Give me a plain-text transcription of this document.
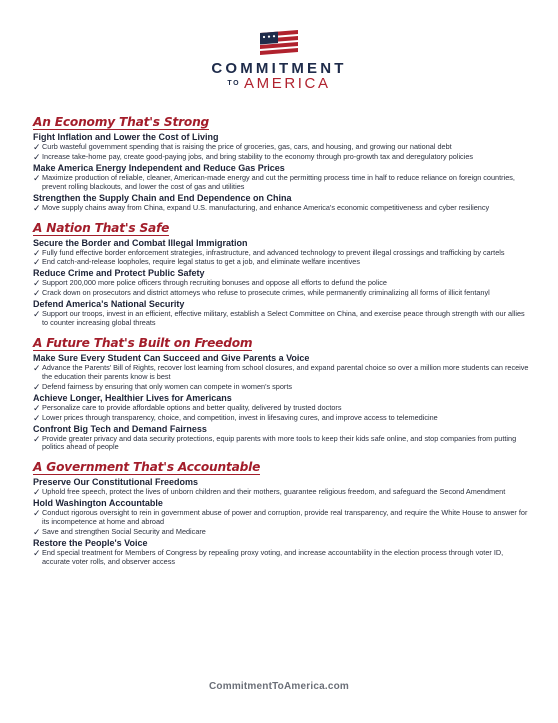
COMMITMENT
TO AMERICA
An Economy That's Strong
Fight Inflation and Lower the Cost of Living
✓ Curb wasteful government spending that is raising the price of groceries, gas, cars, and housing, and growing our national debt
✓ Increase take-home pay, create good-paying jobs, and bring stability to the economy through pro-growth tax and deregulatory policies
Make America Energy Independent and Reduce Gas Prices
✓ Maximize production of reliable, cleaner, American-made energy and cut the permitting process time in half to reduce reliance on foreign countries, prevent rolling blackouts, and lower the cost of gas and utilities
Strengthen the Supply Chain and End Dependence on China
✓ Move supply chains away from China, expand U.S. manufacturing, and enhance America's economic competitiveness and cyber resiliency
A Nation That's Safe
Secure the Border and Combat Illegal Immigration
✓ Fully fund effective border enforcement strategies, infrastructure, and advanced technology to prevent illegal crossings and trafficking by cartels
✓ End catch-and-release loopholes, require legal status to get a job, and eliminate welfare incentives
Reduce Crime and Protect Public Safety
✓ Support 200,000 more police officers through recruiting bonuses and oppose all efforts to defund the police
✓ Crack down on prosecutors and district attorneys who refuse to prosecute crimes, while permanently criminalizing all forms of illicit fentanyl
Defend America's National Security
✓ Support our troops, invest in an efficient, effective military, establish a Select Committee on China, and exercise peace through strength with our allies to counter increasing global threats
A Future That's Built on Freedom
Make Sure Every Student Can Succeed and Give Parents a Voice
✓ Advance the Parents' Bill of Rights, recover lost learning from school closures, and expand parental choice so over a million more students can receive the education their parents know is best
✓ Defend fairness by ensuring that only women can compete in women's sports
Achieve Longer, Healthier Lives for Americans
✓ Personalize care to provide affordable options and better quality, delivered by trusted doctors
✓ Lower prices through transparency, choice, and competition, invest in lifesaving cures, and improve access to telemedicine
Confront Big Tech and Demand Fairness
✓ Provide greater privacy and data security protections, equip parents with more tools to keep their kids safe online, and stop companies from putting politics ahead of people
A Government That's Accountable
Preserve Our Constitutional Freedoms
✓ Uphold free speech, protect the lives of unborn children and their mothers, guarantee religious freedom, and safeguard the Second Amendment
Hold Washington Accountable
✓ Conduct rigorous oversight to rein in government abuse of power and corruption, provide real transparency, and require the White House to answer for its incompetence at home and abroad
✓ Save and strengthen Social Security and Medicare
Restore the People's Voice
✓ End special treatment for Members of Congress by repealing proxy voting, and increase accountability in the election process through voter ID, accurate voter rolls, and observer access
CommitmentToAmerica.com
